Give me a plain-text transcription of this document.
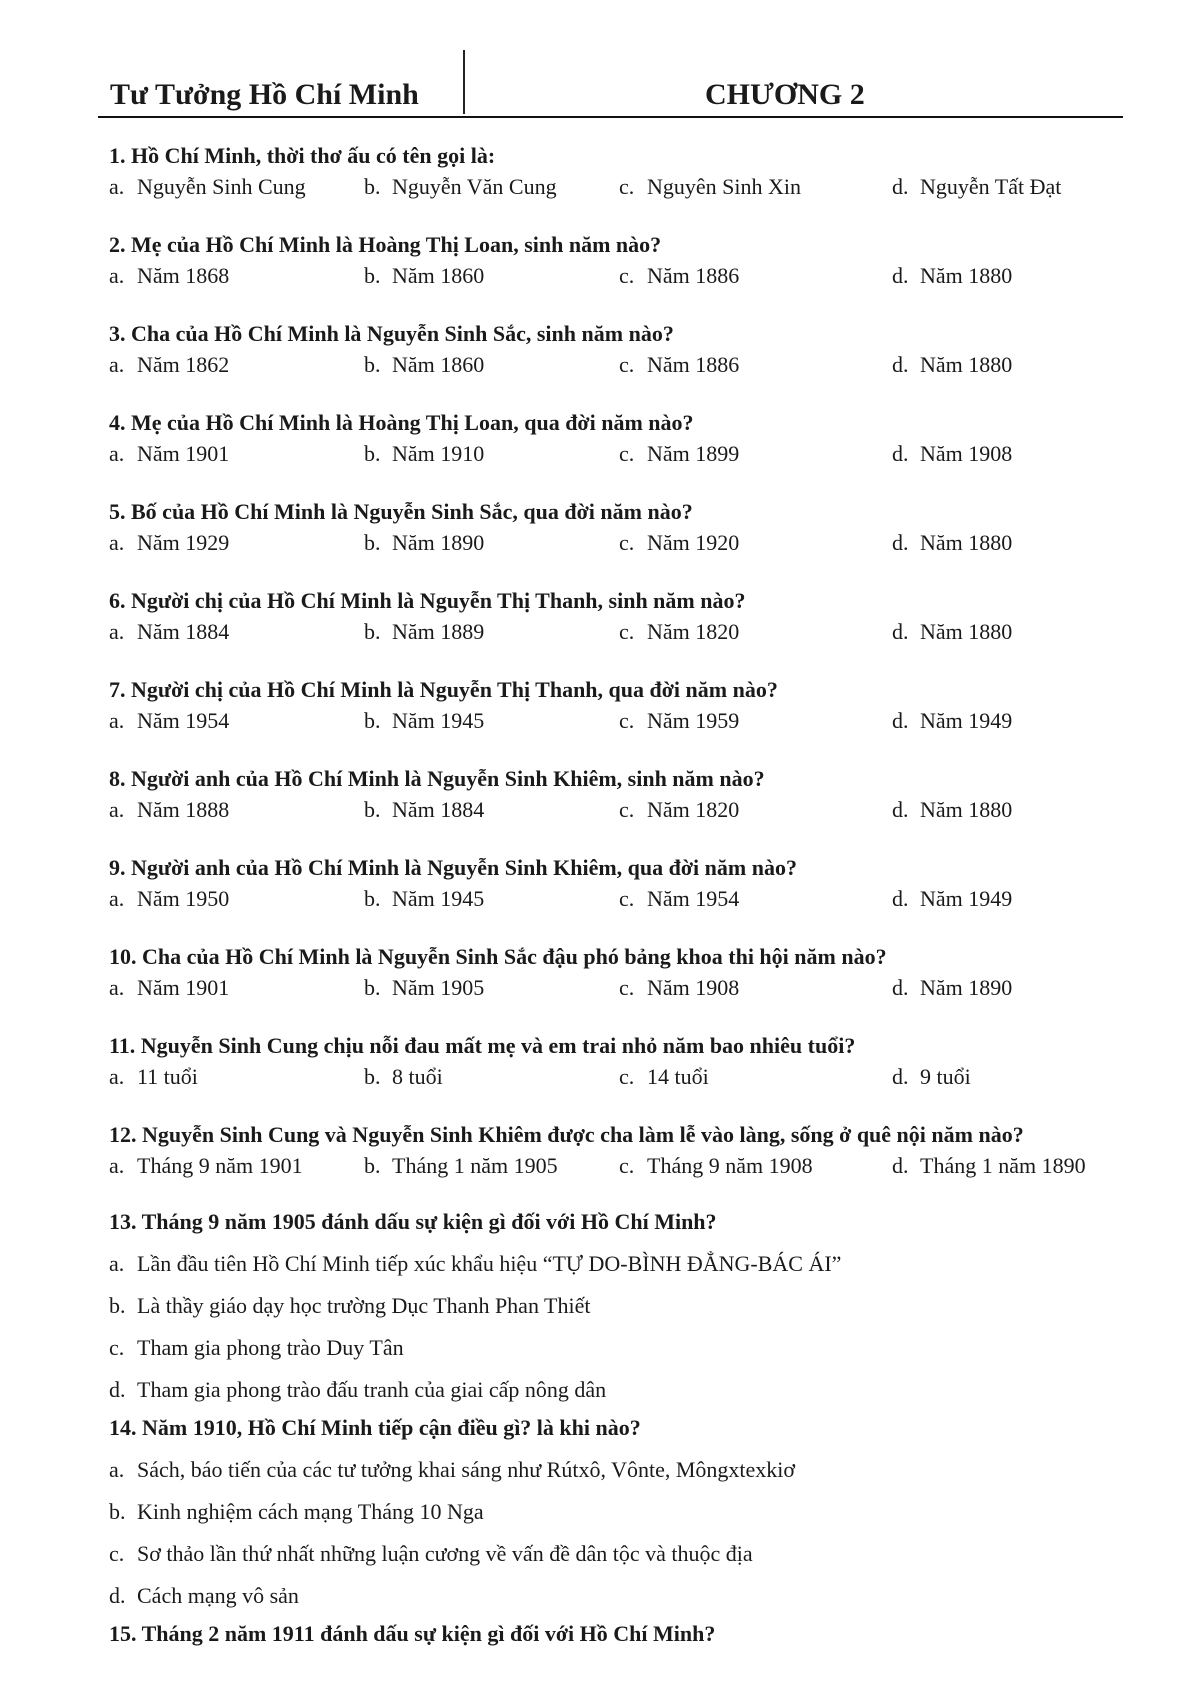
Tư Tưởng Hồ Chí Minh	CHƯƠNG 2
1. Hồ Chí Minh, thời thơ ấu có tên gọi là:
a. Nguyễn Sinh Cung	b. Nguyễn Văn Cung	c. Nguyên Sinh Xin	d. Nguyễn Tất Đạt
2. Mẹ của Hồ Chí Minh là Hoàng Thị Loan, sinh năm nào?
a. Năm 1868	b. Năm 1860	c. Năm 1886	d. Năm 1880
3. Cha của Hồ Chí Minh là Nguyễn Sinh Sắc, sinh năm nào?
a. Năm 1862	b. Năm 1860	c. Năm 1886	d. Năm 1880
4. Mẹ của Hồ Chí Minh là Hoàng Thị Loan, qua đời năm nào?
a. Năm 1901	b. Năm 1910	c. Năm 1899	d. Năm 1908
5. Bố của Hồ Chí Minh là Nguyễn Sinh Sắc, qua đời năm nào?
a. Năm 1929	b. Năm 1890	c. Năm 1920	d. Năm 1880
6. Người chị của Hồ Chí Minh là Nguyễn Thị Thanh, sinh năm nào?
a. Năm 1884	b. Năm 1889	c. Năm 1820	d. Năm 1880
7. Người chị của Hồ Chí Minh là Nguyễn Thị Thanh, qua đời năm nào?
a. Năm 1954	b. Năm 1945	c. Năm 1959	d. Năm 1949
8. Người anh của Hồ Chí Minh là Nguyễn Sinh Khiêm, sinh năm nào?
a. Năm 1888	b. Năm 1884	c. Năm 1820	d. Năm 1880
9. Người anh của Hồ Chí Minh là Nguyễn Sinh Khiêm, qua đời năm nào?
a. Năm 1950	b. Năm 1945	c. Năm 1954	d. Năm 1949
10. Cha của Hồ Chí Minh là Nguyễn Sinh Sắc đậu phó bảng khoa thi hội năm nào?
a. Năm 1901	b. Năm 1905	c. Năm 1908	d. Năm 1890
11. Nguyễn Sinh Cung chịu nỗi đau mất mẹ và em trai nhỏ năm bao nhiêu tuổi?
a. 11 tuổi	b. 8 tuổi	c. 14 tuổi	d. 9 tuổi
12. Nguyễn Sinh Cung và Nguyễn Sinh Khiêm được cha làm lễ vào làng, sống ở quê nội năm nào?
a. Tháng 9 năm 1901	b. Tháng 1 năm 1905	c. Tháng 9 năm 1908	d. Tháng 1 năm 1890
13. Tháng 9 năm 1905 đánh dấu sự kiện gì đối với Hồ Chí Minh?
a. Lần đầu tiên Hồ Chí Minh tiếp xúc khẩu hiệu “TỰ DO-BÌNH ĐẲNG-BÁC ÁI”
b. Là thầy giáo dạy học trường Dục Thanh Phan Thiết
c. Tham gia phong trào Duy Tân
d. Tham gia phong trào đấu tranh của giai cấp nông dân
14. Năm 1910, Hồ Chí Minh tiếp cận điều gì? là khi nào?
a. Sách, báo tiến của các tư tưởng khai sáng như Rútxô, Vônte, Môngxtexkiơ
b. Kinh nghiệm cách mạng Tháng 10 Nga
c. Sơ thảo lần thứ nhất những luận cương về vấn đề dân tộc và thuộc địa
d. Cách mạng vô sản
15. Tháng 2 năm 1911 đánh dấu sự kiện gì đối với Hồ Chí Minh?
